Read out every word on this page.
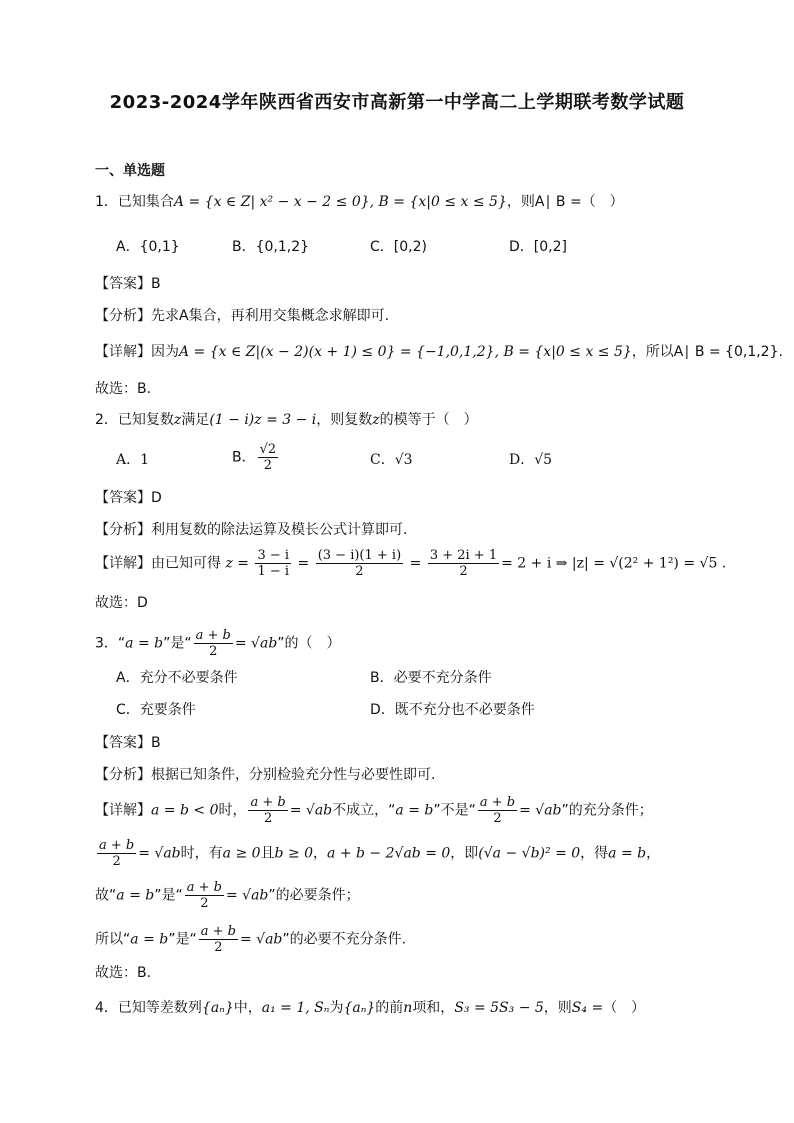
2023-2024学年陕西省西安市高新第一中学高二上学期联考数学试题
一、单选题
1．已知集合A = {x ∈ Z| x² − x − 2 ≤ 0}, B = {x|0 ≤ x ≤ 5}，则A∣ B =（　）
A．{0,1}	B．{0,1,2}	C．[0,2)	D．[0,2]
【答案】B
【分析】先求A集合，再利用交集概念求解即可.
【详解】因为A = {x ∈ Z|(x − 2)(x + 1) ≤ 0} = {−1,0,1,2}, B = {x|0 ≤ x ≤ 5}，所以A∣ B = {0,1,2}.
故选：B.
2．已知复数z满足(1 − i)z = 3 − i，则复数z的模等于（　）
A．1	B． $\frac{√2}{2}$	C．√3	D．√5
【答案】D
【分析】利用复数的除法运算及模长公式计算即可.
【详解】由已知可得 $z = \frac{3 - i}{1 - i} = \frac{(3 - i)(1 + i)}{2} = \frac{3 + 2i + 1}{2} = 2 + i$ ⇒ |z| = √(2² + 1²) = √5 .
故选：D
3．“a = b”是“ $\frac{a + b}{2} = √ab$”的（　）
A．充分不必要条件	B．必要不充分条件
C．充要条件	D．既不充分也不必要条件
【答案】B
【分析】根据已知条件，分别检验充分性与必要性即可.
【详解】a = b < 0时， $\frac{a + b}{2} = √ab$不成立，“a = b”不是“ $\frac{a + b}{2} = √ab$”的充分条件；
$\frac{a + b}{2} = √ab$时，有a ≥ 0且b ≥ 0，a + b − 2√ab = 0，即(√a − √b)² = 0，得a = b，
故“a = b”是“ $\frac{a + b}{2} = √ab$”的必要条件；
所以“a = b”是“ $\frac{a + b}{2} = √ab$”的必要不充分条件.
故选：B.
4．已知等差数列{aₙ}中，a₁ = 1, Sₙ为{aₙ}的前n项和，S₃ = 5S₃ − 5，则S₄ =（　）
